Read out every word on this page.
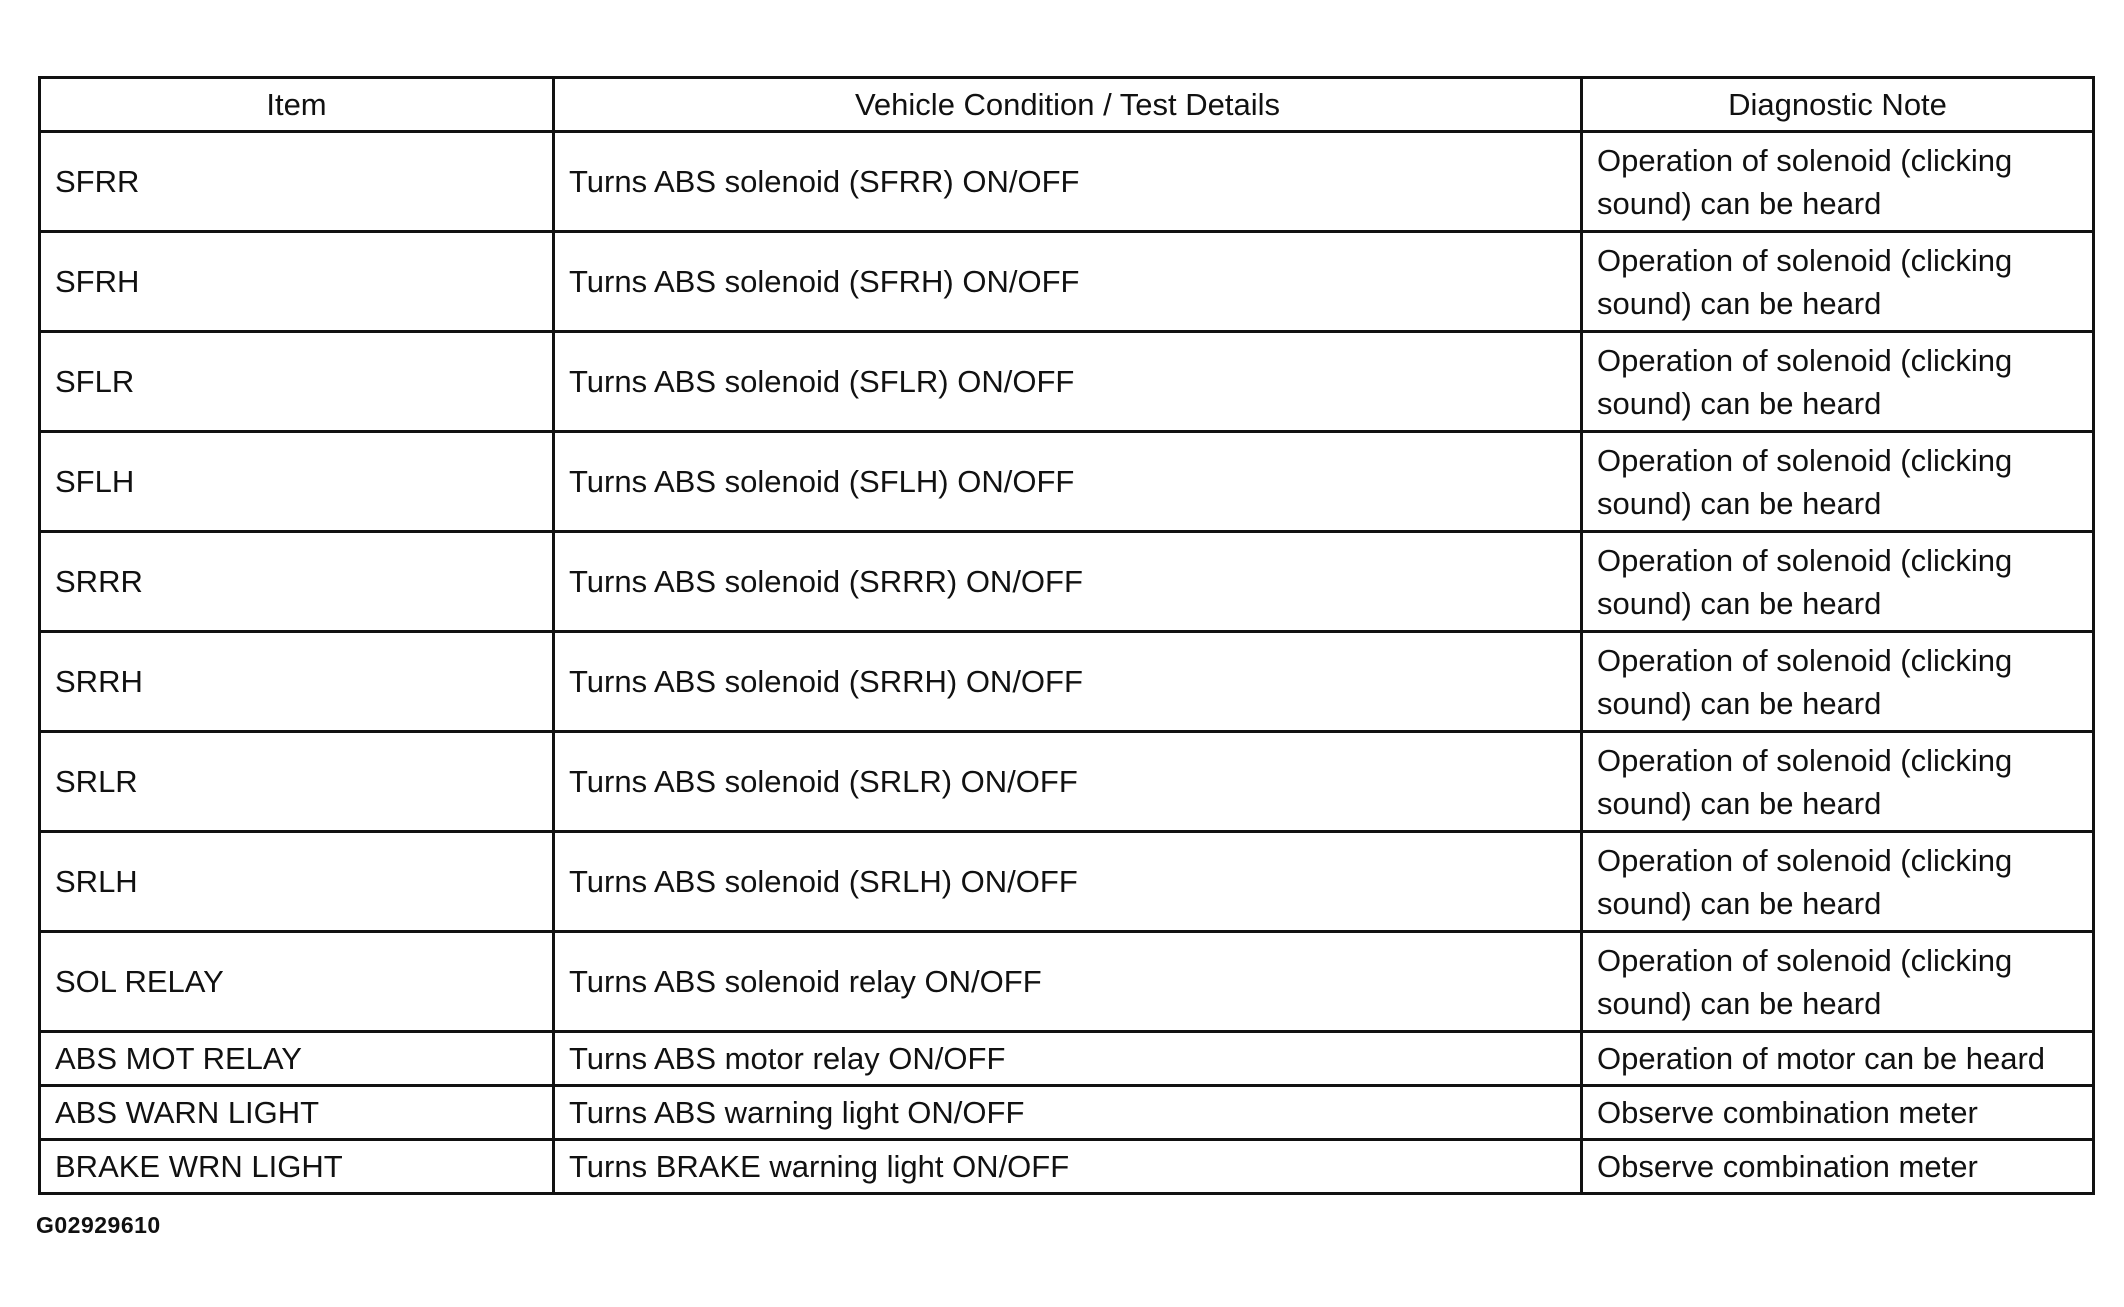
Item	Vehicle Condition / Test Details	Diagnostic Note
SFRR	Turns ABS solenoid (SFRR) ON/OFF	Operation of solenoid (clicking sound) can be heard
SFRH	Turns ABS solenoid (SFRH) ON/OFF	Operation of solenoid (clicking sound) can be heard
SFLR	Turns ABS solenoid (SFLR) ON/OFF	Operation of solenoid (clicking sound) can be heard
SFLH	Turns ABS solenoid (SFLH) ON/OFF	Operation of solenoid (clicking sound) can be heard
SRRR	Turns ABS solenoid (SRRR) ON/OFF	Operation of solenoid (clicking sound) can be heard
SRRH	Turns ABS solenoid (SRRH) ON/OFF	Operation of solenoid (clicking sound) can be heard
SRLR	Turns ABS solenoid (SRLR) ON/OFF	Operation of solenoid (clicking sound) can be heard
SRLH	Turns ABS solenoid (SRLH) ON/OFF	Operation of solenoid (clicking sound) can be heard
SOL RELAY	Turns ABS solenoid relay ON/OFF	Operation of solenoid (clicking sound) can be heard
ABS MOT RELAY	Turns ABS motor relay ON/OFF	Operation of motor can be heard
ABS WARN LIGHT	Turns ABS warning light ON/OFF	Observe combination meter
BRAKE WRN LIGHT	Turns BRAKE warning light ON/OFF	Observe combination meter
G02929610
